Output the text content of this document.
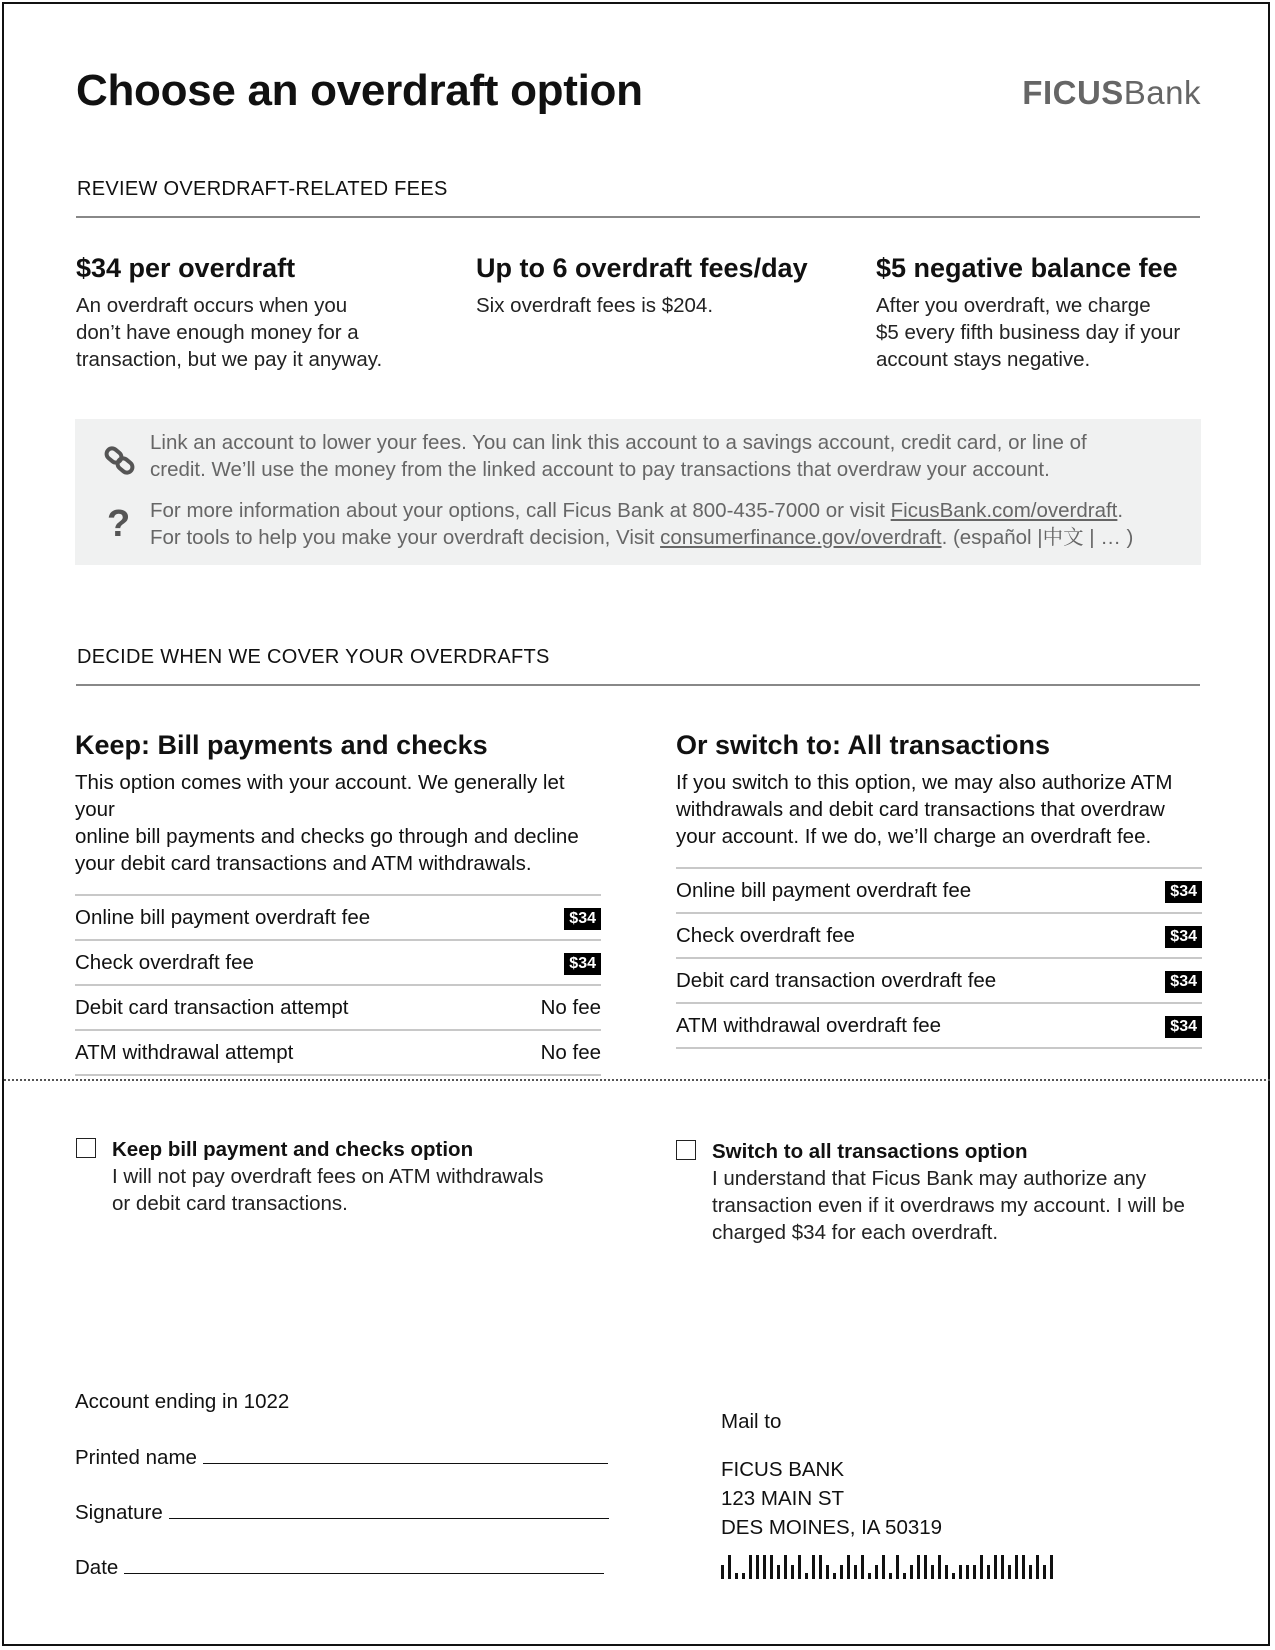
Choose an overdraft option	FICUSBank
REVIEW OVERDRAFT-RELATED FEES
$34 per overdraft

An overdraft occurs when you
don’t have enough money for a
transaction, but we pay it anyway.

Up to 6 overdraft fees/day

Six overdraft fees is $204.

$5 negative balance fee

After you overdraft, we charge
$5 every fifth business day if your
account stays negative.

Link an account to lower your fees. You can link this account to a savings account, credit card, or line of
credit. We’ll use the money from the linked account to pay transactions that overdraw your account.
? For more information about your options, call Ficus Bank at 800-435-7000 or visit FicusBank.com/overdraft.
For tools to help you make your overdraft decision, Visit consumerfinance.gov/overdraft. (español |中文 | … )
DECIDE WHEN WE COVER YOUR OVERDRAFTS
Keep: Bill payments and checks

This option comes with your account. We generally let your
online bill payments and checks go through and decline
your debit card transactions and ATM withdrawals.

Online bill payment overdraft fee	$34
Check overdraft fee	$34
Debit card transaction attempt	No fee
ATM withdrawal attempt	No fee
Or switch to: All transactions

If you switch to this option, we may also authorize ATM
withdrawals and debit card transactions that overdraw
your account. If we do, we’ll charge an overdraft fee.

Online bill payment overdraft fee	$34
Check overdraft fee	$34
Debit card transaction overdraft fee	$34
ATM withdrawal overdraft fee	$34
Keep bill payment and checks option
I will not pay overdraft fees on ATM withdrawals
or debit card transactions.
Switch to all transactions option
I understand that Ficus Bank may authorize any
transaction even if it overdraws my account. I will be
charged $34 for each overdraft.
Account ending in 1022
Printed name
Signature
Date
Mail to
FICUS BANK
123 MAIN ST
DES MOINES, IA 50319
